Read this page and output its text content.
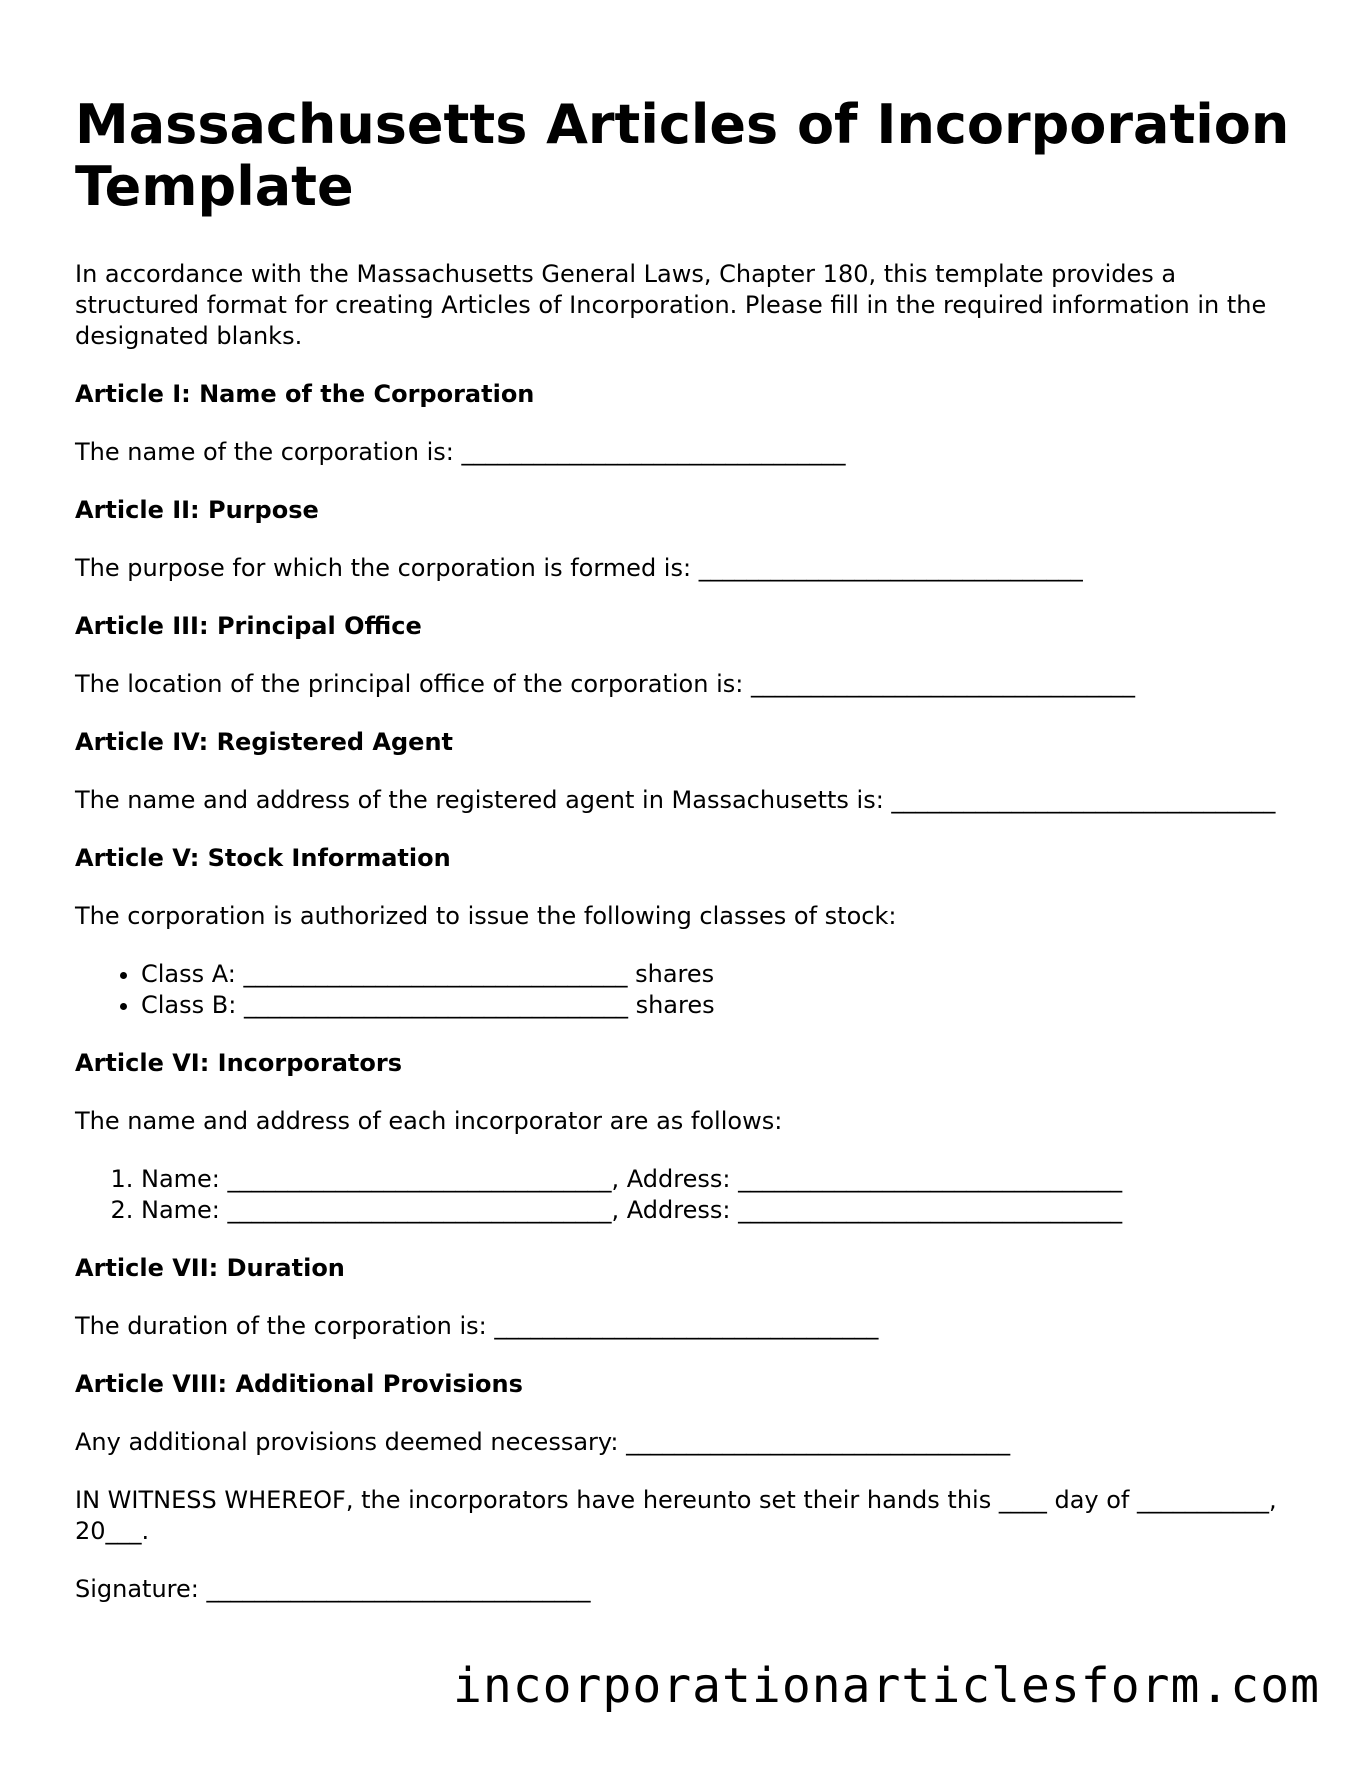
Massachusetts Articles of Incorporation Template

In accordance with the Massachusetts General Laws, Chapter 180, this template provides a structured format for creating Articles of Incorporation. Please fill in the required information in the designated blanks.

Article I: Name of the Corporation

The name of the corporation is: ________________________________

Article II: Purpose

The purpose for which the corporation is formed is: ________________________________

Article III: Principal Office

The location of the principal office of the corporation is: ________________________________

Article IV: Registered Agent

The name and address of the registered agent in Massachusetts is: ________________________________

Article V: Stock Information

The corporation is authorized to issue the following classes of stock:

• Class A: ________________________________ shares
• Class B: ________________________________ shares
Article VI: Incorporators

The name and address of each incorporator are as follows:

1. Name: ________________________________, Address: ________________________________
2. Name: ________________________________, Address: ________________________________
Article VII: Duration

The duration of the corporation is: ________________________________

Article VIII: Additional Provisions

Any additional provisions deemed necessary: ________________________________

IN WITNESS WHEREOF, the incorporators have hereunto set their hands this ____ day of ___________, 20___.

Signature: ________________________________

incorporationarticlesform.com
